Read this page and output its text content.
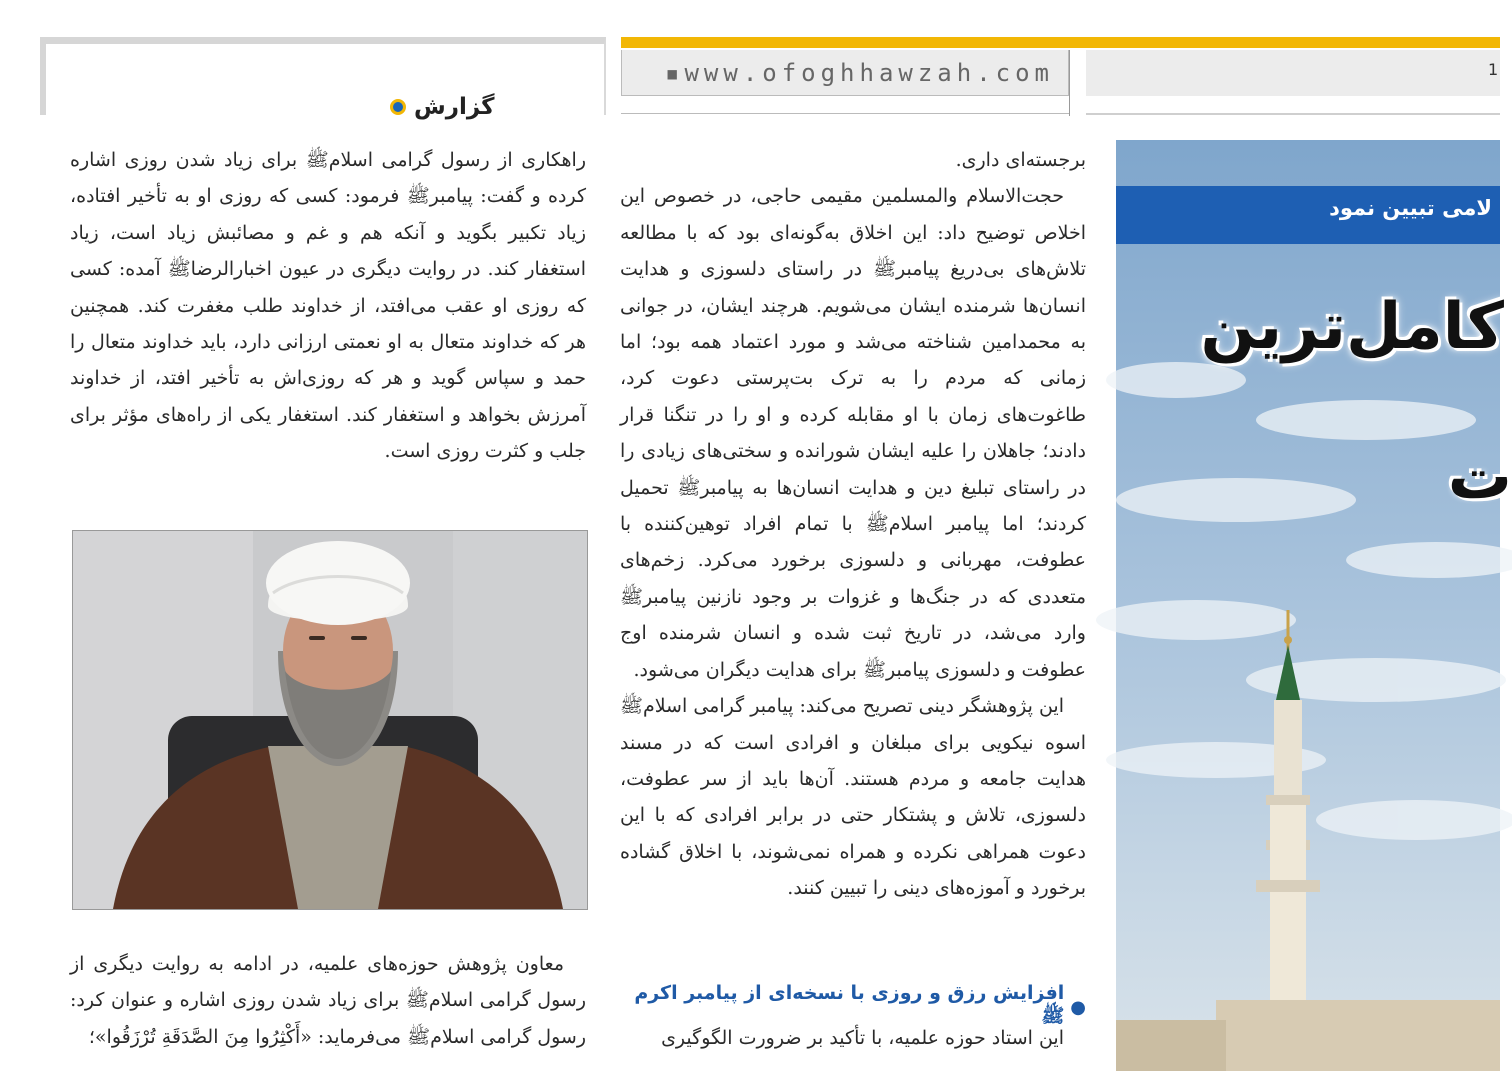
▪www.ofoghhawzah.com	1
گزارش

راهکاری از رسول گرامی اسلامﷺ برای زیاد شدن روزی اشاره کرده و گفت: پیامبرﷺ فرمود: کسی که روزی او به تأخیر افتاده، زیاد تکبیر بگوید و آنکه هم و غم و مصائبش زیاد است، زیاد استغفار کند. در روایت دیگری در عیون اخبارالرضاﷺ آمده: کسی که روزی او عقب می‌افتد، از خداوند طلب مغفرت کند. همچنین هر که خداوند متعال به او نعمتی ارزانی دارد، باید خداوند متعال را حمد و سپاس گوید و هر که روزی‌اش به تأخیر افتد، از خداوند آمرزش بخواهد و استغفار کند. استغفار یکی از راه‌های مؤثر برای جلب و کثرت روزی است.

معاون پژوهش حوزه‌های علمیه، در ادامه به روایت دیگری از رسول گرامی اسلامﷺ برای زیاد شدن روزی اشاره و عنوان کرد: رسول گرامی اسلامﷺ می‌فرماید: «أَكْثِرُوا مِنَ الصَّدَقَةِ تُرْزَقُوا»؛

برجسته‌ای داری.

حجت‌الاسلام والمسلمین مقیمی حاجی، در خصوص این اخلاص توضیح داد: این اخلاق به‌گونه‌ای بود که با مطالعه تلاش‌های بی‌دریغ پیامبرﷺ در راستای دلسوزی و هدایت انسان‌ها شرمنده ایشان می‌شویم. هرچند ایشان، در جوانی به محمدامین شناخته می‌شد و مورد اعتماد همه بود؛ اما زمانی که مردم را به ترک بت‌پرستی دعوت کرد، طاغوت‌های زمان با او مقابله کرده و او را در تنگنا قرار دادند؛ جاهلان را علیه ایشان شورانده و سختی‌های زیادی را در راستای تبلیغ دین و هدایت انسان‌ها به پیامبرﷺ تحمیل کردند؛ اما پیامبر اسلامﷺ با تمام افراد توهین‌کننده با عطوفت، مهربانی و دلسوزی برخورد می‌کرد. زخم‌های متعددی که در جنگ‌ها و غزوات بر وجود نازنین پیامبرﷺ وارد می‌شد، در تاریخ ثبت شده و انسان شرمنده اوج عطوفت و دلسوزی پیامبرﷺ برای هدایت دیگران می‌شود.

این پژوهشگر دینی تصریح می‌کند: پیامبر گرامی اسلامﷺ اسوه نیکویی برای مبلغان و افرادی است که در مسند هدایت جامعه و مردم هستند. آن‌ها باید از سر عطوفت، دلسوزی، تلاش و پشتکار حتی در برابر افرادی که با این دعوت همراهی نکرده و همراه نمی‌شوند، با اخلاق گشاده برخورد و آموزه‌های دینی را تبیین کنند.

●
افزایش رزق و روزی با نسخه‌ای از پیامبر اکرم ﷺ

این استاد حوزه علمیه، با تأکید بر ضرورت الگوگیری

لامی تبیین نمود
کامل‌ترین
ت
